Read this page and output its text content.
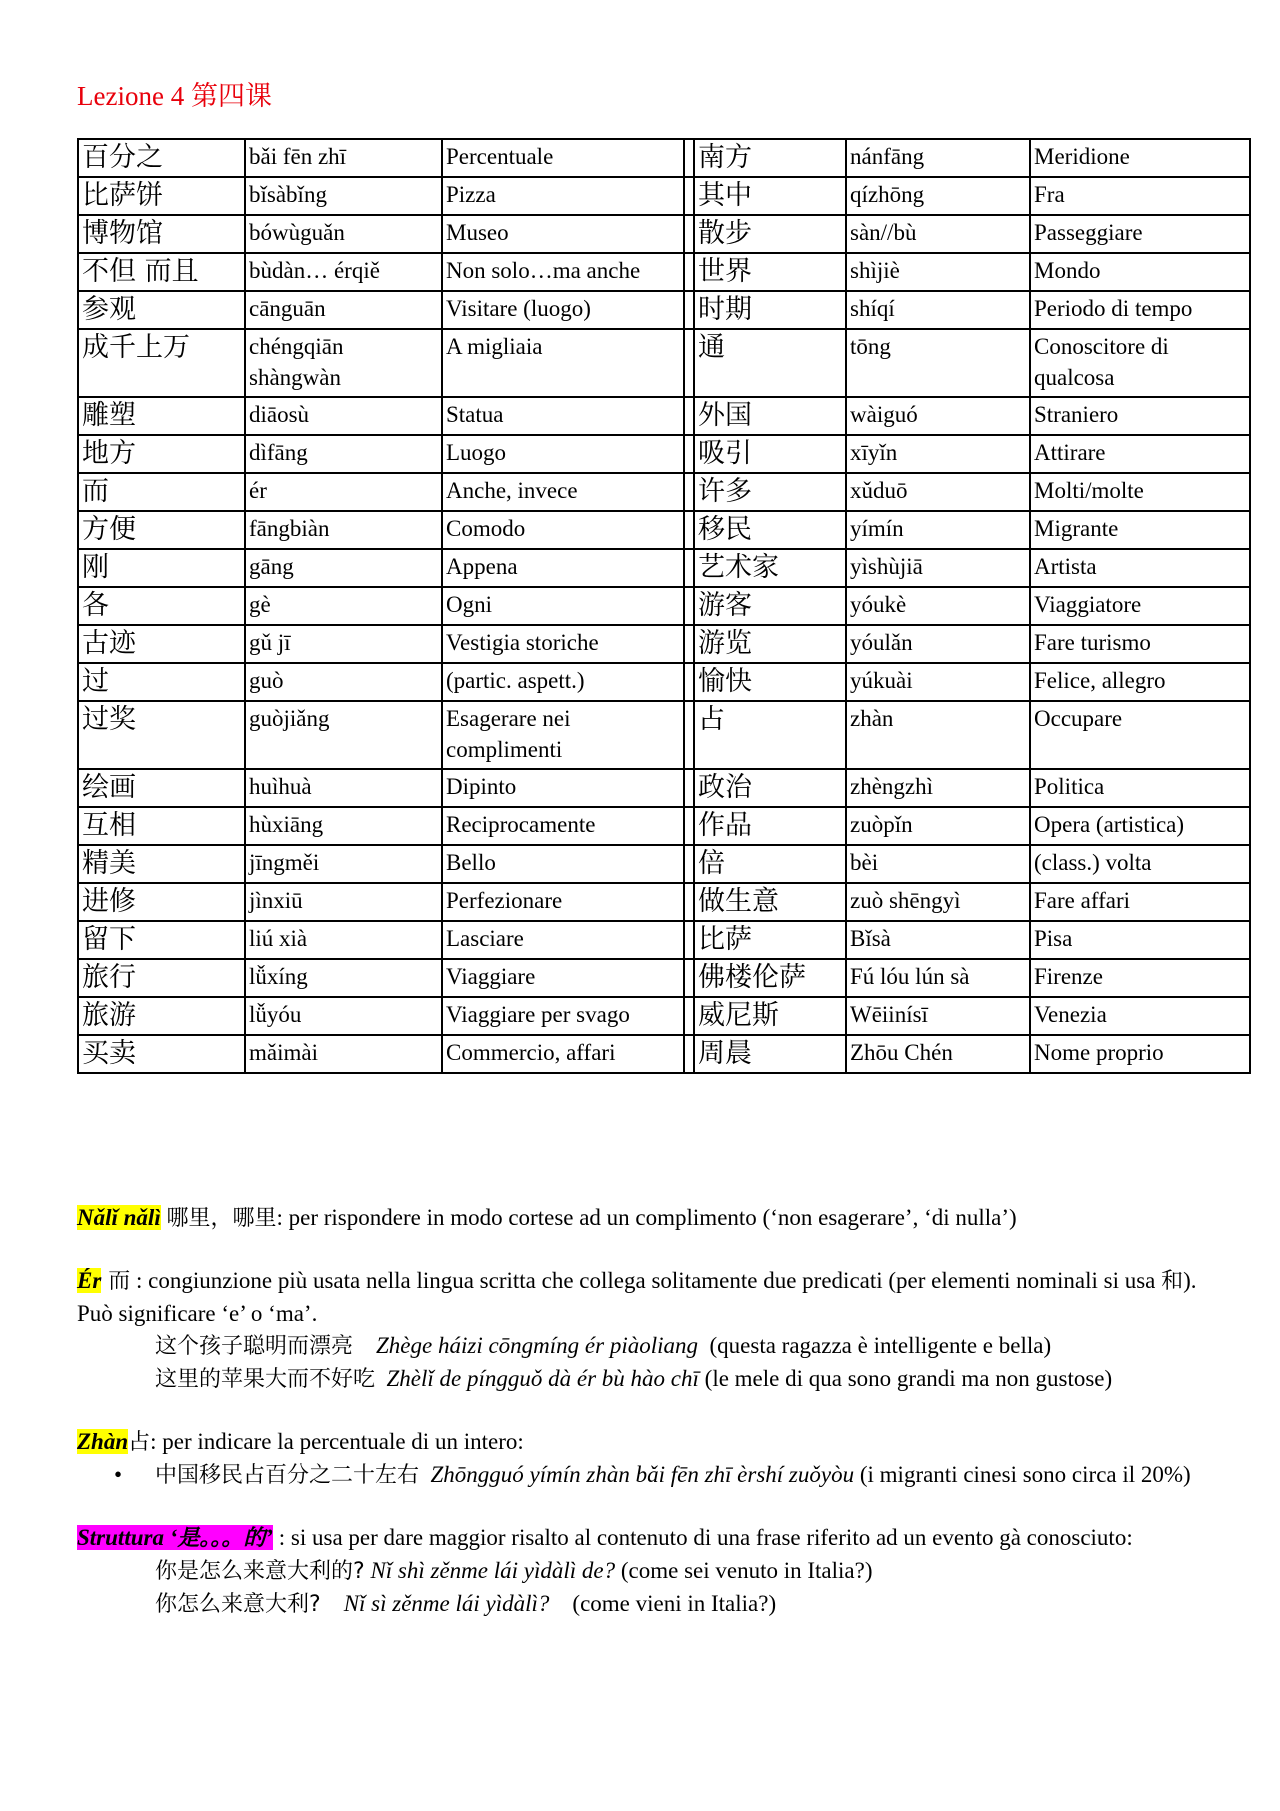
Lezione 4 第四课
百分之	bǎi fēn zhī	Percentuale		南方	nánfāng	Meridione
比萨饼	bǐsàbǐng	Pizza		其中	qízhōng	Fra
博物馆	bówùguǎn	Museo		散步	sàn//bù	Passeggiare
不但 而且	bùdàn… érqiě	Non solo…ma anche		世界	shìjiè	Mondo
参观	cānguān	Visitare (luogo)		时期	shíqí	Periodo di tempo
成千上万	chéngqiān shàngwàn	A migliaia		通	tōng	Conoscitore di qualcosa
雕塑	diāosù	Statua		外国	wàiguó	Straniero
地方	dìfāng	Luogo		吸引	xīyǐn	Attirare
而	ér	Anche, invece		许多	xǔduō	Molti/molte
方便	fāngbiàn	Comodo		移民	yímín	Migrante
刚	gāng	Appena		艺术家	yìshùjiā	Artista
各	gè	Ogni		游客	yóukè	Viaggiatore
古迹	gǔ jī	Vestigia storiche		游览	yóulǎn	Fare turismo
过	guò	(partic. aspett.)		愉快	yúkuài	Felice, allegro
过奖	guòjiǎng	Esagerare nei complimenti		占	zhàn	Occupare
绘画	huìhuà	Dipinto		政治	zhèngzhì	Politica
互相	hùxiāng	Reciprocamente		作品	zuòpǐn	Opera (artistica)
精美	jīngměi	Bello		倍	bèi	(class.) volta
进修	jìnxiū	Perfezionare		做生意	zuò shēngyì	Fare affari
留下	liú xià	Lasciare		比萨	Bǐsà	Pisa
旅行	lǚxíng	Viaggiare		佛楼伦萨	Fú lóu lún sà	Firenze
旅游	lǚyóu	Viaggiare per svago		威尼斯	Wēiinísī	Venezia
买卖	mǎimài	Commercio, affari		周晨	Zhōu Chén	Nome proprio

Nǎlǐ nǎlì 哪里，哪里: per rispondere in modo cortese ad un complimento (‘non esagerare’, ‘di nulla’)

Ér 而 : congiunzione più usata nella lingua scritta che collega solitamente due predicati (per elementi nominali si usa 和). Può significare ‘e’ o ‘ma’.

这个孩子聪明而漂亮 Zhège háizi cōngmíng ér piàoliang (questa ragazza è intelligente e bella)

这里的苹果大而不好吃 Zhèlǐ de píngguǒ dà ér bù hào chī (le mele di qua sono grandi ma non gustose)

Zhàn占: per indicare la percentuale di un intero:

• 中国移民占百分之二十左右 Zhōngguó yímín zhàn bǎi fēn zhī èrshí zuǒyòu (i migranti cinesi sono circa il 20%)

Struttura ‘是。。。的’ : si usa per dare maggior risalto al contenuto di una frase riferito ad un evento gà conosciuto:

你是怎么来意大利的? Nǐ shì zěnme lái yìdàlì de? (come sei venuto in Italia?)

你怎么来意大利? Nǐ sì zěnme lái yìdàlì? (come vieni in Italia?)
